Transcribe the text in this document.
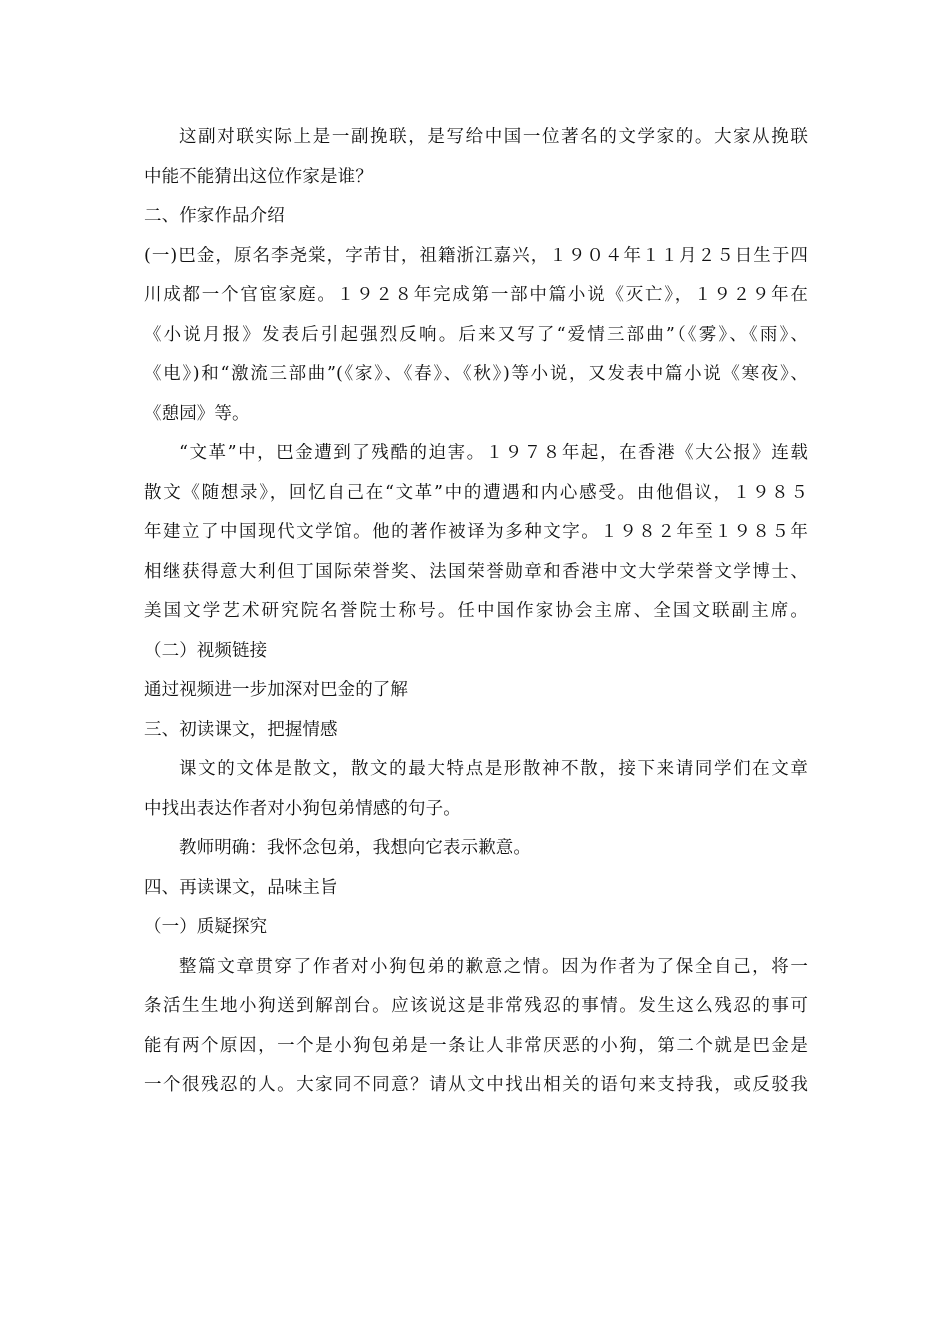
这副对联实际上是一副挽联，是写给中国一位著名的文学家的。大家从挽联
中能不能猜出这位作家是谁？
二、作家作品介绍
(一)巴金，原名李尧棠，字芾甘，祖籍浙江嘉兴，１９０４年１１月２５日生于四
川成都一个官宦家庭。１９２８年完成第一部中篇小说《灭亡》，１９２９年在
《小说月报》发表后引起强烈反响。后来又写了“爱情三部曲”（《雾》、《雨》、
《电》)和“激流三部曲”(《家》、《春》、《秋》)等小说，又发表中篇小说《寒夜》、
《憩园》等。
“文革”中，巴金遭到了残酷的迫害。１９７８年起，在香港《大公报》连载
散文《随想录》，回忆自己在“文革”中的遭遇和内心感受。由他倡议，１９８５
年建立了中国现代文学馆。他的著作被译为多种文字。１９８２年至１９８５年
相继获得意大利但丁国际荣誉奖、法国荣誉勋章和香港中文大学荣誉文学博士、
美国文学艺术研究院名誉院士称号。任中国作家协会主席、全国文联副主席。
（二）视频链接
通过视频进一步加深对巴金的了解
三、初读课文，把握情感
课文的文体是散文，散文的最大特点是形散神不散，接下来请同学们在文章
中找出表达作者对小狗包弟情感的句子。
教师明确：我怀念包弟，我想向它表示歉意。
四、再读课文，品味主旨
（一）质疑探究
整篇文章贯穿了作者对小狗包弟的歉意之情。因为作者为了保全自己，将一
条活生生地小狗送到解剖台。应该说这是非常残忍的事情。发生这么残忍的事可
能有两个原因，一个是小狗包弟是一条让人非常厌恶的小狗，第二个就是巴金是
一个很残忍的人。大家同不同意？请从文中找出相关的语句来支持我，或反驳我
